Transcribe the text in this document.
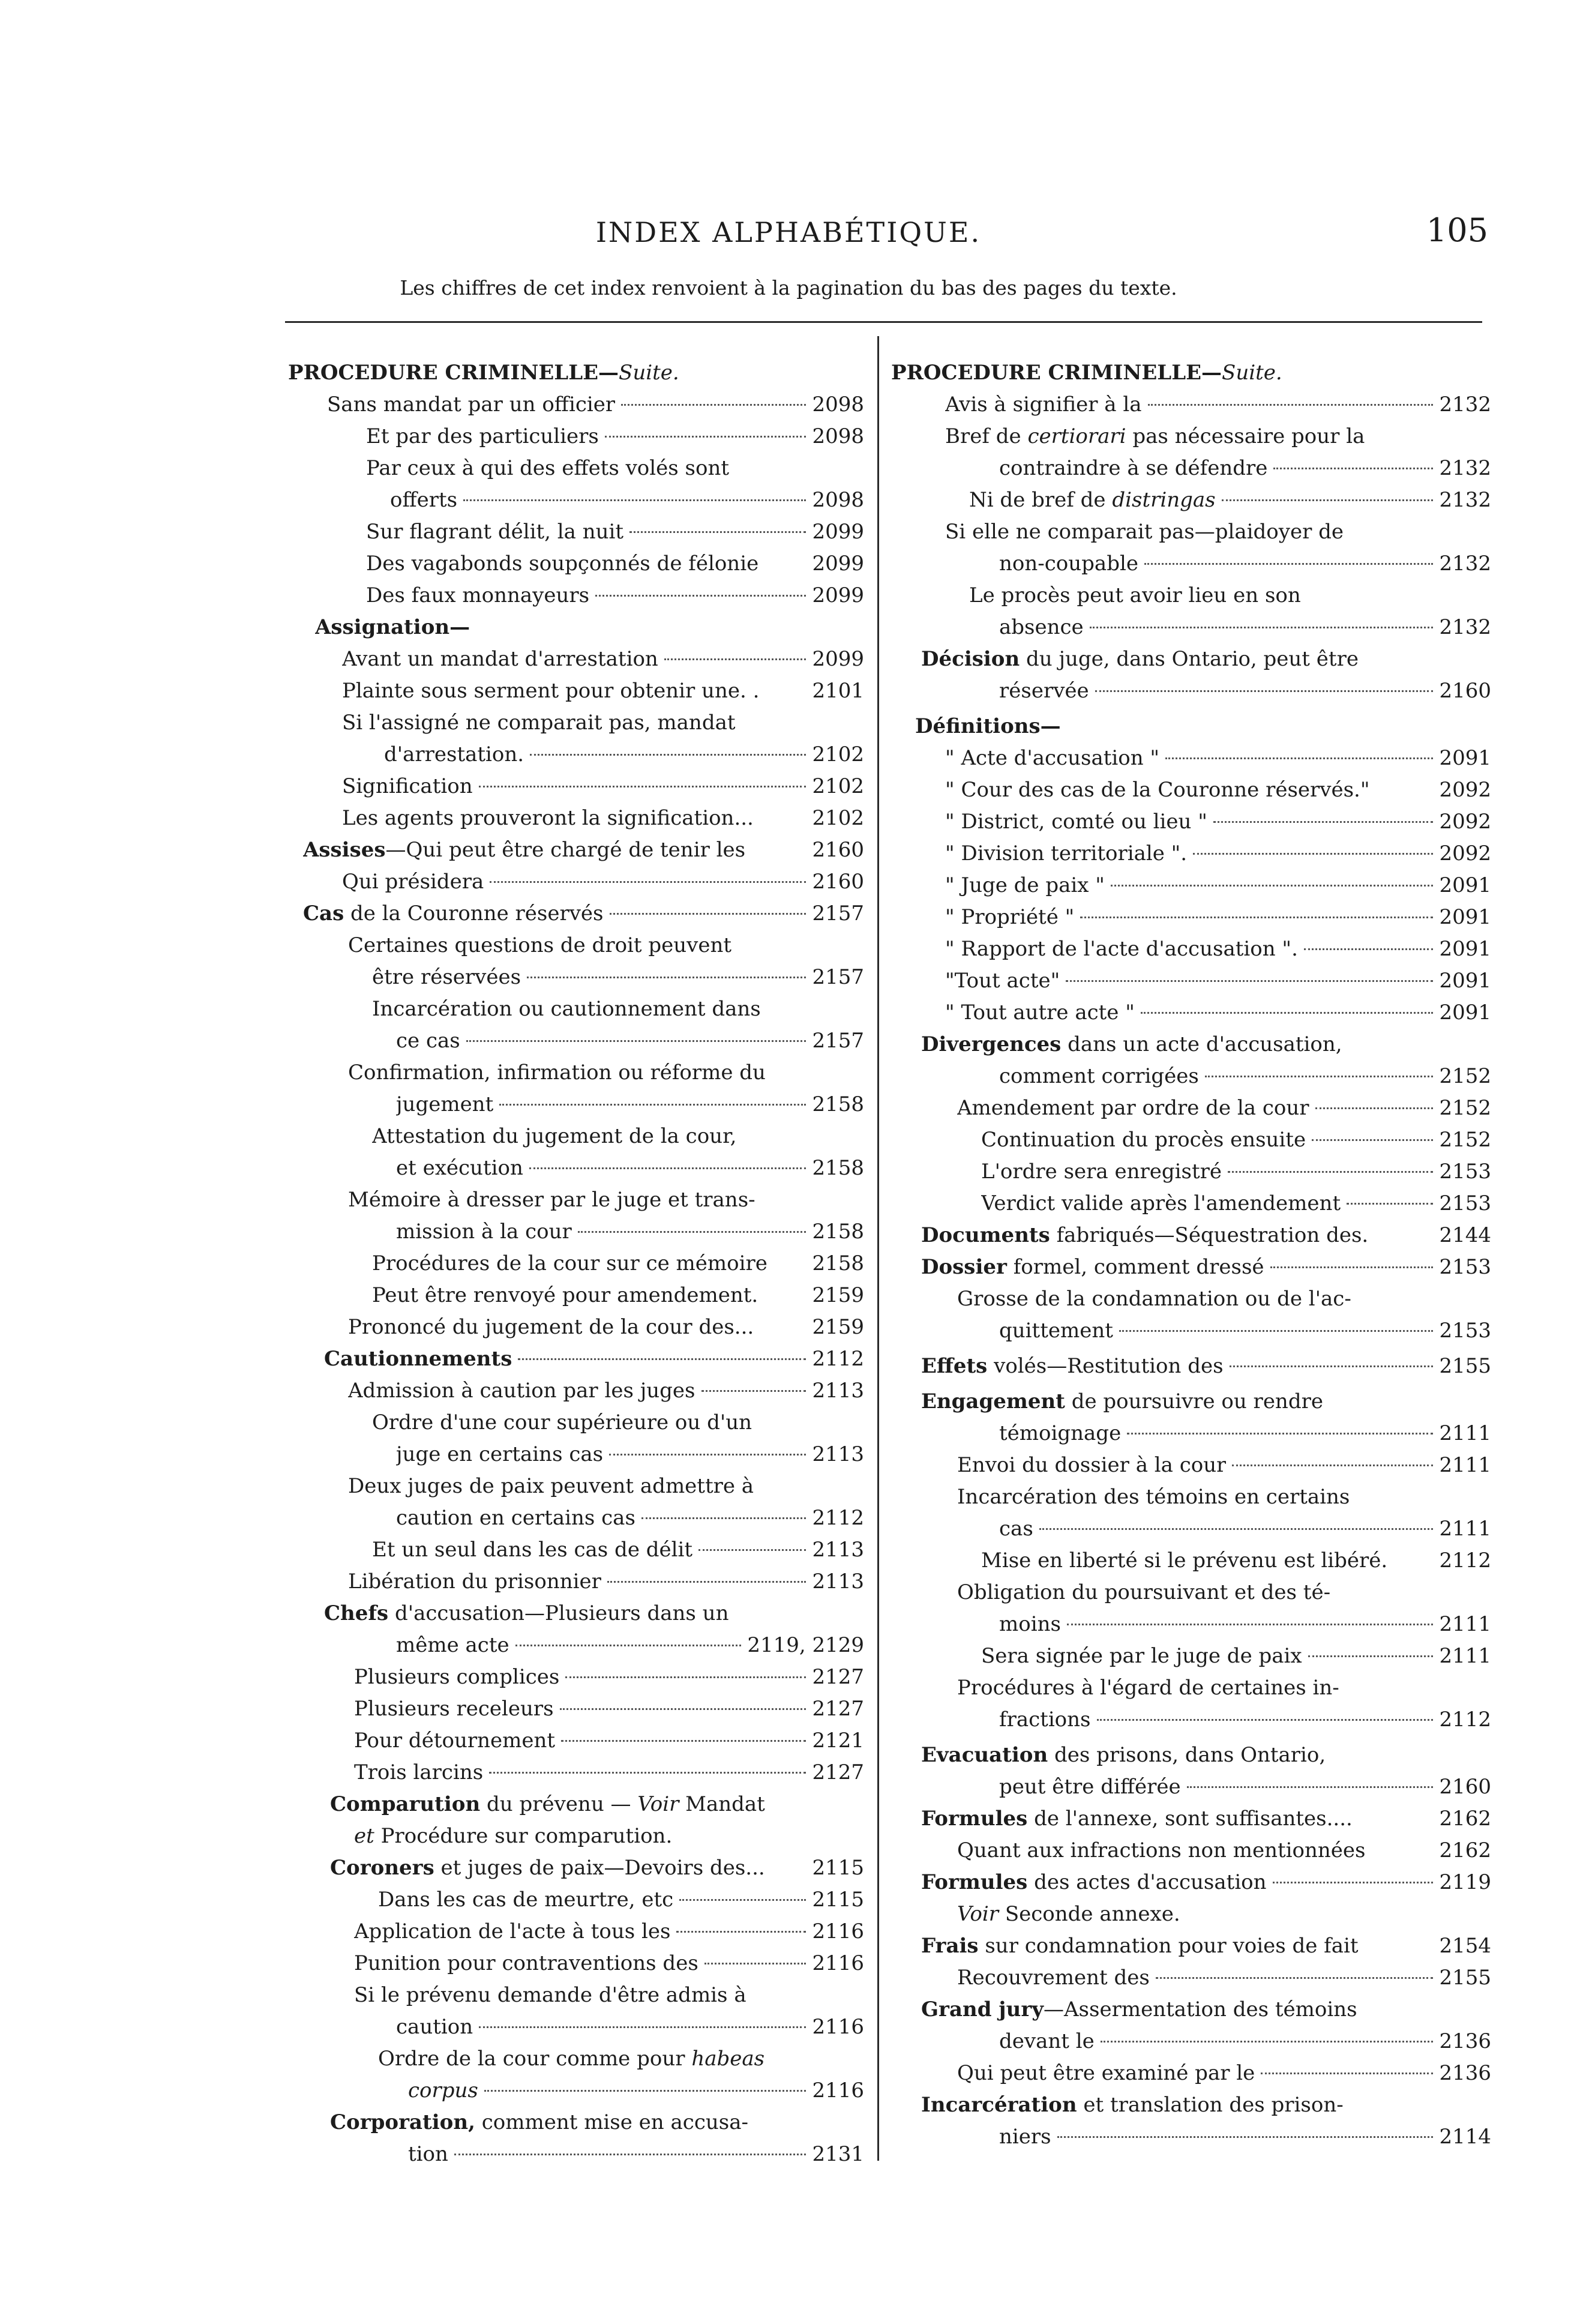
INDEX ALPHABÉTIQUE.	105
Les chiffres de cet index renvoient à la pagination du bas des pages du texte.
PROCEDURE CRIMINELLE—Suite.
Sans mandat par un officier	2098
Et par des particuliers	2098
Par ceux à qui des effets volés sont
offerts	2098
Sur flagrant délit, la nuit	2099
Des vagabonds soupçonnés de félonie	2099
Des faux monnayeurs	2099
Assignation—
Avant un mandat d'arrestation	2099
Plainte sous serment pour obtenir une. .	2101
Si l'assigné ne comparait pas, mandat
d'arrestation.	2102
Signification	2102
Les agents prouveront la signification...	2102
Assises—Qui peut être chargé de tenir les	2160
Qui présidera	2160
Cas de la Couronne réservés	2157
Certaines questions de droit peuvent
être réservées	2157
Incarcération ou cautionnement dans
ce cas	2157
Confirmation, infirmation ou réforme du
jugement	2158
Attestation du jugement de la cour,
et exécution	2158
Mémoire à dresser par le juge et trans-
mission à la cour	2158
Procédures de la cour sur ce mémoire 2158
Peut être renvoyé pour amendement.	2159
Prononcé du jugement de la cour des...	2159
Cautionnements	2112
Admission à caution par les juges	2113
Ordre d'une cour supérieure ou d'un
juge en certains cas	2113
Deux juges de paix peuvent admettre à
caution en certains cas	2112
Et un seul dans les cas de délit	2113
Libération du prisonnier	2113
Chefs d'accusation—Plusieurs dans un
même acte	2119, 2129
Plusieurs complices	2127
Plusieurs receleurs	2127
Pour détournement	2121
Trois larcins	2127
Comparution du prévenu — Voir Mandat
et Procédure sur comparution.
Coroners et juges de paix—Devoirs des... 2115
Dans les cas de meurtre, etc	2115
Application de l'acte à tous les	2116
Punition pour contraventions des	2116
Si le prévenu demande d'être admis à
caution	2116
Ordre de la cour comme pour habeas
corpus	2116
Corporation, comment mise en accusa-
tion	2131
PROCEDURE CRIMINELLE—Suite.
Avis à signifier à la	2132
Bref de certiorari pas nécessaire pour la
contraindre à se défendre	2132
Ni de bref de distringas	2132
Si elle ne comparait pas—plaidoyer de
non-coupable	2132
Le procès peut avoir lieu en son
absence	2132
Décision du juge, dans Ontario, peut être
réservée	2160
Définitions—
" Acte d'accusation "	2091
" Cour des cas de la Couronne réservés."	2092
" District, comté ou lieu "	2092
" Division territoriale ".	2092
" Juge de paix "	2091
" Propriété "	2091
" Rapport de l'acte d'accusation ".	2091
"Tout acte"	2091
" Tout autre acte "	2091
Divergences dans un acte d'accusation,
comment corrigées	2152
Amendement par ordre de la cour	2152
Continuation du procès ensuite	2152
L'ordre sera enregistré	2153
Verdict valide après l'amendement	2153
Documents fabriqués—Séquestration des.	2144
Dossier formel, comment dressé	2153
Grosse de la condamnation ou de l'ac-
quittement	2153
Effets volés—Restitution des	2155
Engagement de poursuivre ou rendre
témoignage	2111
Envoi du dossier à la cour	2111
Incarcération des témoins en certains
cas	2111
Mise en liberté si le prévenu est libéré.	2112
Obligation du poursuivant et des té-
moins	2111
Sera signée par le juge de paix	2111
Procédures à l'égard de certaines in-
fractions	2112
Evacuation des prisons, dans Ontario,
peut être différée	2160
Formules de l'annexe, sont suffisantes....	2162
Quant aux infractions non mentionnées	2162
Formules des actes d'accusation	2119
Voir Seconde annexe.
Frais sur condamnation pour voies de fait	2154
Recouvrement des	2155
Grand jury—Assermentation des témoins
devant le	2136
Qui peut être examiné par le	2136
Incarcération et translation des prison-
niers	2114
